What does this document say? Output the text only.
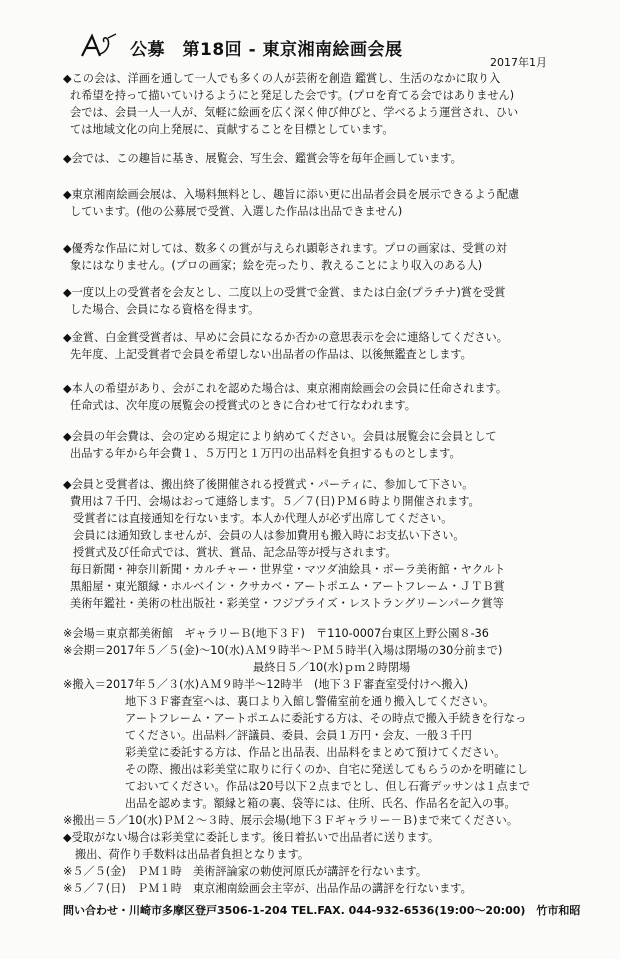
公募　第18回 - 東京湘南絵画会展
2017年1月
◆この会は、洋画を通して一人でも多くの人が芸術を創造 鑑賞し、生活のなかに取り入
れ希望を持って描いていけるようにと発足した会です。(プロを育てる会ではありません)
会では、会員一人一人が、気軽に絵画を広く深く伸び伸びと、学べるよう運営され、ひい
ては地域文化の向上発展に、貢献することを目標としています。
◆会では、この趣旨に基き、展覧会、写生会、鑑賞会等を毎年企画しています。
◆東京湘南絵画会展は、入場料無料とし、趣旨に添い更に出品者会員を展示できるよう配慮
しています。(他の公募展で受賞、入選した作品は出品できません)
◆優秀な作品に対しては、数多くの賞が与えられ顕彰されます。プロの画家は、受賞の対
象にはなりません。(プロの画家；絵を売ったり、教えることにより収入のある人)
◆一度以上の受賞者を会友とし、二度以上の受賞で金賞、または白金(プラチナ)賞を受賞
した場合、会員になる資格を得ます。
◆金賞、白金賞受賞者は、早めに会員になるか否かの意思表示を会に連絡してください。
先年度、上記受賞者で会員を希望しない出品者の作品は、以後無鑑査とします。
◆本人の希望があり、会がこれを認めた場合は、東京湘南絵画会の会員に任命されます。
任命式は、次年度の展覧会の授賞式のときに合わせて行なわれます。
◆会員の年会費は、会の定める規定により納めてください。会員は展覧会に会員として
出品する年から年会費１、５万円と１万円の出品料を負担するものとします。
◆会員と受賞者は、搬出終了後開催される授賞式・パーティに、参加して下さい。
費用は７千円、会場はおって連絡します。５／７(日)ＰＭ６時より開催されます。
受賞者には直接通知を行ないます。本人か代理人が必ず出席してください。
会員には通知致しませんが、会員の人は参加費用も搬入時にお支払い下さい。
授賞式及び任命式では、賞状、賞品、記念品等が授与されます。
毎日新聞・神奈川新聞・カルチャー・世界堂・マツダ油絵具・ポーラ美術館・ヤクルト
黒船屋・東光額縁・ホルベイン・クサカベ・アートポエム・アートフレーム・ＪＴＢ賞
美術年鑑社・美術の杜出版社・彩美堂・フジプライズ・レストラングリーンパーク賞等
※会場＝東京都美術館　ギャラリーＢ(地下３Ｆ)　〒110-0007台東区上野公園８-36
※会期＝2017年５／５(金)～10(水)ＡＭ９時半～ＰＭ５時半(入場は閉場の30分前まで)
最終日５／10(水)ｐｍ２時閉場
※搬入＝2017年５／３(水)ＡＭ９時半～12時半　(地下３Ｆ審査室受付けへ搬入)
地下３Ｆ審査室へは、裏口より入館し警備室前を通り搬入してください。
アートフレーム・アートポエムに委託する方は、その時点で搬入手続きを行なっ
てください。出品料／評議員、委員、会員１万円・会友、一般３千円
彩美堂に委託する方は、作品と出品表、出品料をまとめて預けてください。
その際、搬出は彩美堂に取りに行くのか、自宅に発送してもらうのかを明確にし
ておいてください。作品は20号以下２点までとし、但し石膏デッサンは１点まで
出品を認めます。額縁と箱の裏、袋等には、住所、氏名、作品名を記入の事。
※搬出＝５／10(水)ＰＭ２～３時、展示会場(地下３Ｆギャラリー－Ｂ)まで来てください。
◆受取がない場合は彩美堂に委託します。後日着払いで出品者に送ります。
搬出、荷作り手数料は出品者負担となります。
※５／５(金)　ＰＭ１時　美術評論家の勅使河原氏が講評を行ないます。
※５／７(日)　ＰＭ１時　東京湘南絵画会主宰が、出品作品の講評を行ないます。
問い合わせ・川崎市多摩区登戸3506-1-204 TEL.FAX. 044-932-6536(19:00～20:00)　竹市和昭
